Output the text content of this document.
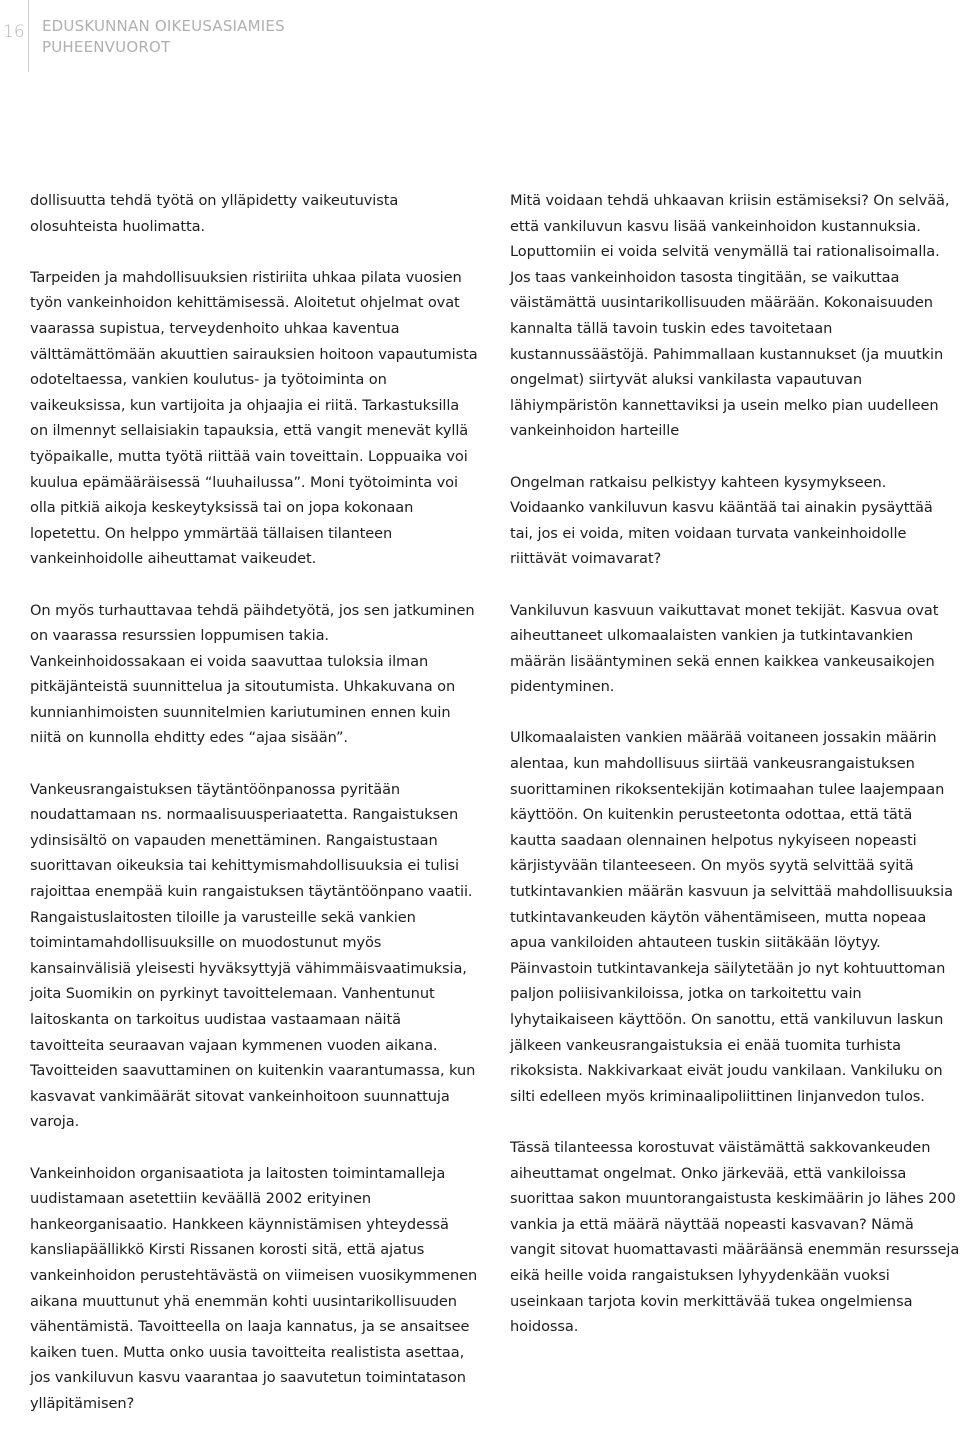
16 EDUSKUNNAN OIKEUSASIAMIES
PUHEENVUOROT

dollisuutta tehdä työtä on ylläpidetty vaikeutuvista olosuhteista huolimatta.

Tarpeiden ja mahdollisuuksien ristiriita uhkaa pilata vuosien työn vankeinhoidon kehittämisessä. Aloitetut ohjelmat ovat vaarassa supistua, terveydenhoito uhkaa kaventua välttämättömään akuuttien sairauksien hoitoon vapautumista odoteltaessa, vankien koulutus- ja työtoiminta on vaikeuksissa, kun vartijoita ja ohjaajia ei riitä. Tarkastuksilla on ilmennyt sellaisiakin tapauksia, että vangit menevät kyllä työpaikalle, mutta työtä riittää vain toveittain. Loppuaika voi kuulua epämääräisessä “luuhailussa”. Moni työtoiminta voi olla pitkiä aikoja keskeytyksissä tai on jopa kokonaan lopetettu. On helppo ymmärtää tällaisen tilanteen vankeinhoidolle aiheuttamat vaikeudet.

On myös turhauttavaa tehdä päihdetyötä, jos sen jatkuminen on vaarassa resurssien loppumisen takia. Vankeinhoidossakaan ei voida saavuttaa tuloksia ilman pitkäjänteistä suunnittelua ja sitoutumista. Uhkakuvana on kunnianhimoisten suunnitelmien kariutuminen ennen kuin niitä on kunnolla ehditty edes “ajaa sisään”.

Vankeusrangaistuksen täytäntöönpanossa pyritään noudattamaan ns. normaalisuusperiaatetta. Rangaistuksen ydinsisältö on vapauden menettäminen. Rangaistustaan suorittavan oikeuksia tai kehittymismahdollisuuksia ei tulisi rajoittaa enempää kuin rangaistuksen täytäntöönpano vaatii. Rangaistuslaitosten tiloille ja varusteille sekä vankien toimintamahdollisuuksille on muodostunut myös kansainvälisiä yleisesti hyväksyttyjä vähimmäisvaatimuksia, joita Suomikin on pyrkinyt tavoittelemaan. Vanhentunut laitoskanta on tarkoitus uudistaa vastaamaan näitä tavoitteita seuraavan vajaan kymmenen vuoden aikana. Tavoitteiden saavuttaminen on kuitenkin vaarantumassa, kun kasvavat vankimäärät sitovat vankeinhoitoon suunnattuja varoja.

Vankeinhoidon organisaatiota ja laitosten toimintamalleja uudistamaan asetettiin keväällä 2002 erityinen hankeorganisaatio. Hankkeen käynnistämisen yhteydessä kansliapäällikkö Kirsti Rissanen korosti sitä, että ajatus vankeinhoidon perustehtävästä on viimeisen vuosikymmenen aikana muuttunut yhä enemmän kohti uusintarikollisuuden vähentämistä. Tavoitteella on laaja kannatus, ja se ansaitsee kaiken tuen. Mutta onko uusia tavoitteita realistista asettaa, jos vankiluvun kasvu vaarantaa jo saavutetun toimintatason ylläpitämisen?

Mitä voidaan tehdä uhkaavan kriisin estämiseksi? On selvää, että vankiluvun kasvu lisää vankeinhoidon kustannuksia. Loputtomiin ei voida selvitä venymällä tai rationalisoimalla. Jos taas vankeinhoidon tasosta tingitään, se vaikuttaa väistämättä uusintarikollisuuden määrään. Kokonaisuuden kannalta tällä tavoin tuskin edes tavoitetaan kustannussäästöjä. Pahimmallaan kustannukset (ja muutkin ongelmat) siirtyvät aluksi vankilasta vapautuvan lähiympäristön kannettaviksi ja usein melko pian uudelleen vankeinhoidon harteille

Ongelman ratkaisu pelkistyy kahteen kysymykseen. Voidaanko vankiluvun kasvu kääntää tai ainakin pysäyttää tai, jos ei voida, miten voidaan turvata vankeinhoidolle riittävät voimavarat?

Vankiluvun kasvuun vaikuttavat monet tekijät. Kasvua ovat aiheuttaneet ulkomaalaisten vankien ja tutkintavankien määrän lisääntyminen sekä ennen kaikkea vankeusaikojen pidentyminen.

Ulkomaalaisten vankien määrää voitaneen jossakin määrin alentaa, kun mahdollisuus siirtää vankeusrangaistuksen suorittaminen rikoksentekijän kotimaahan tulee laajempaan käyttöön. On kuitenkin perusteetonta odottaa, että tätä kautta saadaan olennainen helpotus nykyiseen nopeasti kärjistyvään tilanteeseen. On myös syytä selvittää syitä tutkintavankien määrän kasvuun ja selvittää mahdollisuuksia tutkintavankeuden käytön vähentämiseen, mutta nopeaa apua vankiloiden ahtauteen tuskin siitäkään löytyy. Päinvastoin tutkintavankeja säilytetään jo nyt kohtuuttoman paljon poliisivankiloissa, jotka on tarkoitettu vain lyhytaikaiseen käyttöön. On sanottu, että vankiluvun laskun jälkeen vankeusrangaistuksia ei enää tuomita turhista rikoksista. Nakkivarkaat eivät joudu vankilaan. Vankiluku on silti edelleen myös kriminaalipoliittinen linjanvedon tulos.

Tässä tilanteessa korostuvat väistämättä sakkovankeuden aiheuttamat ongelmat. Onko järkevää, että vankiloissa suorittaa sakon muuntorangaistusta keskimäärin jo lähes 200 vankia ja että määrä näyttää nopeasti kasvavan? Nämä vangit sitovat huomattavasti määräänsä enemmän resursseja eikä heille voida rangaistuksen lyhyydenkään vuoksi useinkaan tarjota kovin merkittävää tukea ongelmiensa hoidossa.
